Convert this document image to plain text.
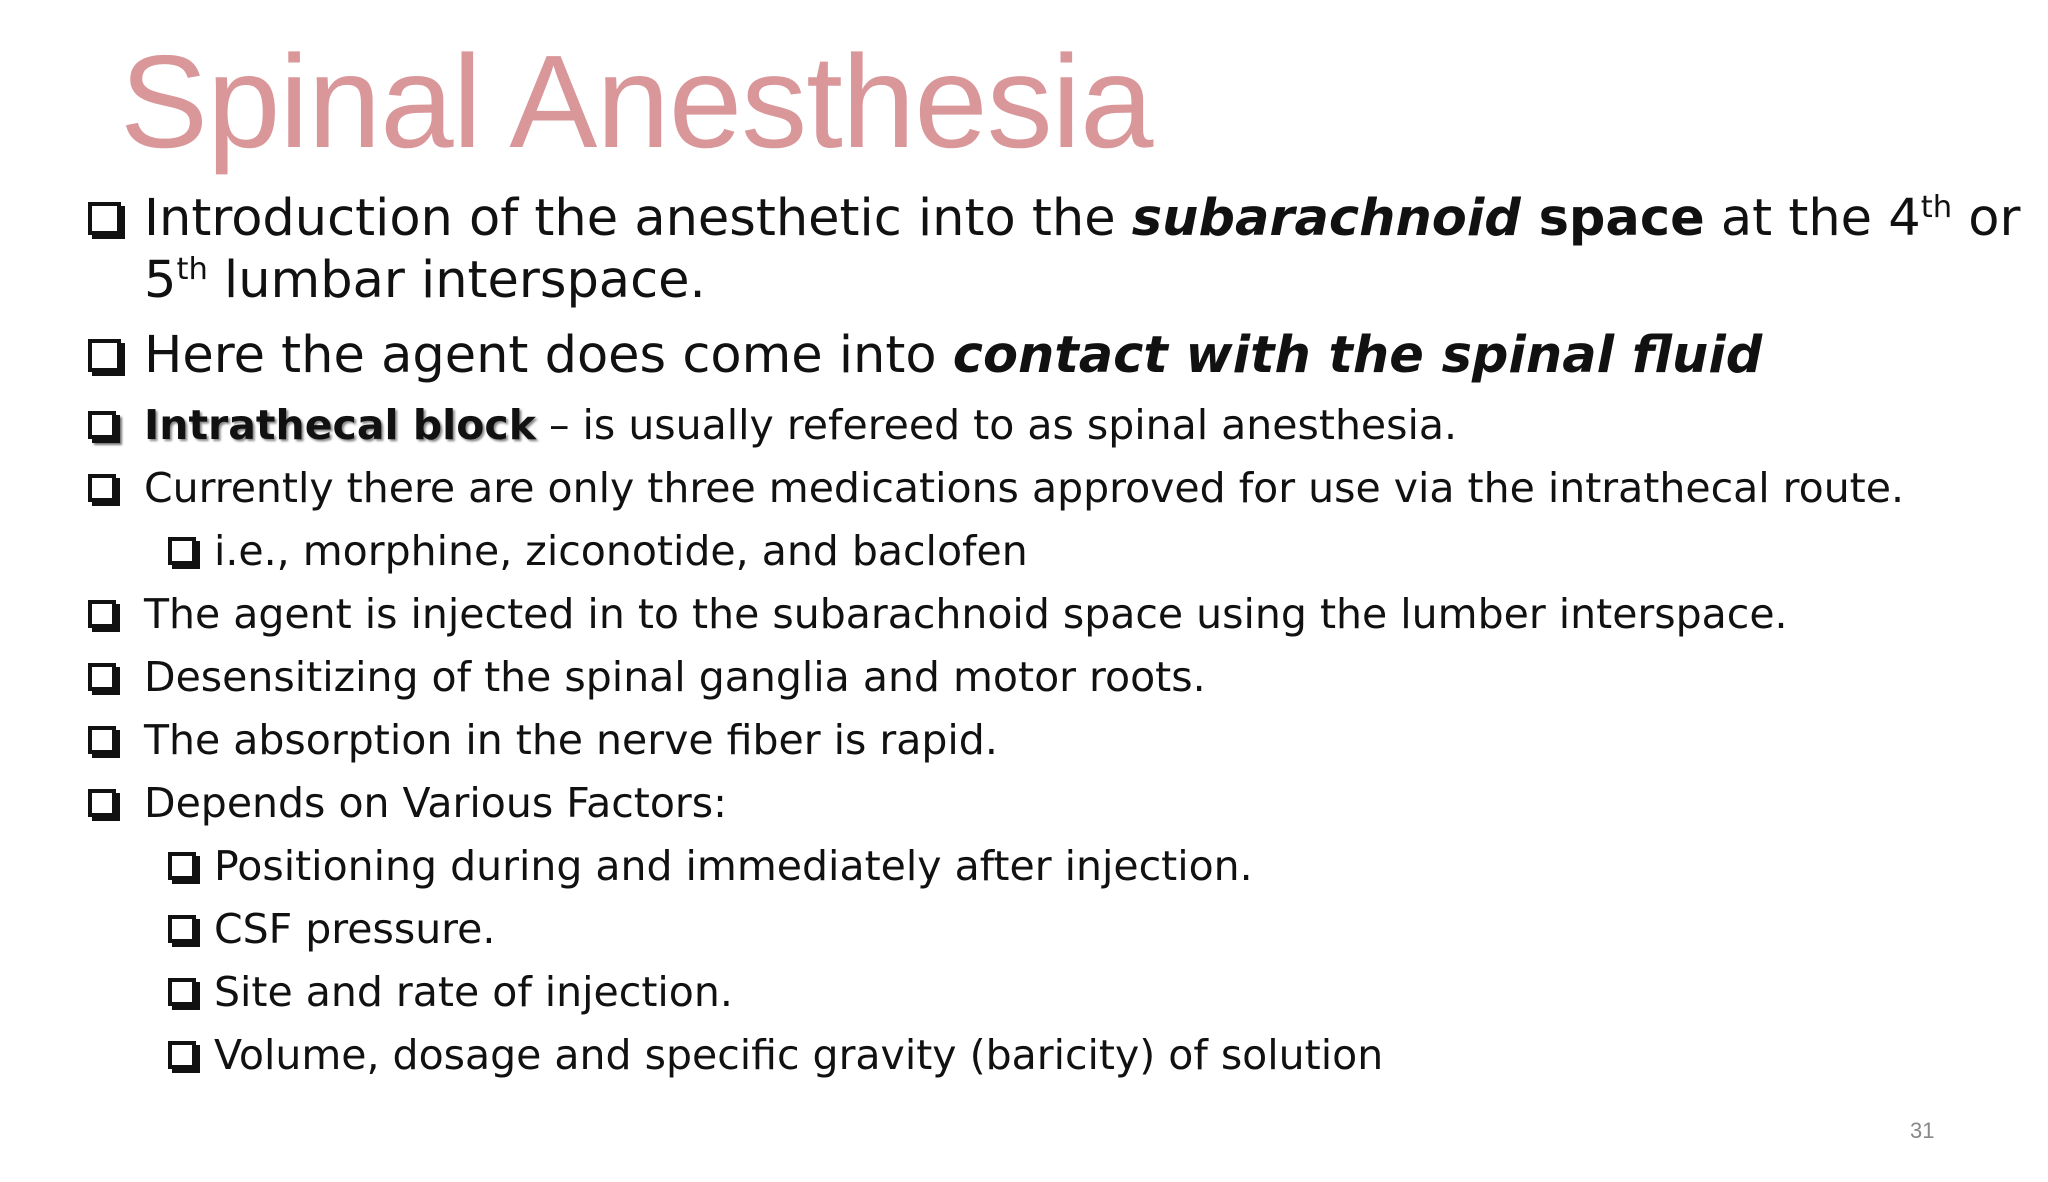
Spinal Anesthesia
Introduction of the anesthetic into the subarachnoid space at the 4th or 5th lumbar interspace.
Here the agent does come into contact with the spinal fluid
Intrathecal block – is usually refereed to as spinal anesthesia.
Currently there are only three medications approved for use via the intrathecal route.
i.e., morphine, ziconotide, and baclofen
The agent is injected in to the subarachnoid space using the lumber interspace.
Desensitizing of the spinal ganglia and motor roots.
The absorption in the nerve fiber is rapid.
Depends on Various Factors:
Positioning during and immediately after injection.
CSF pressure.
Site and rate of injection.
Volume, dosage and specific gravity (baricity) of solution
31
